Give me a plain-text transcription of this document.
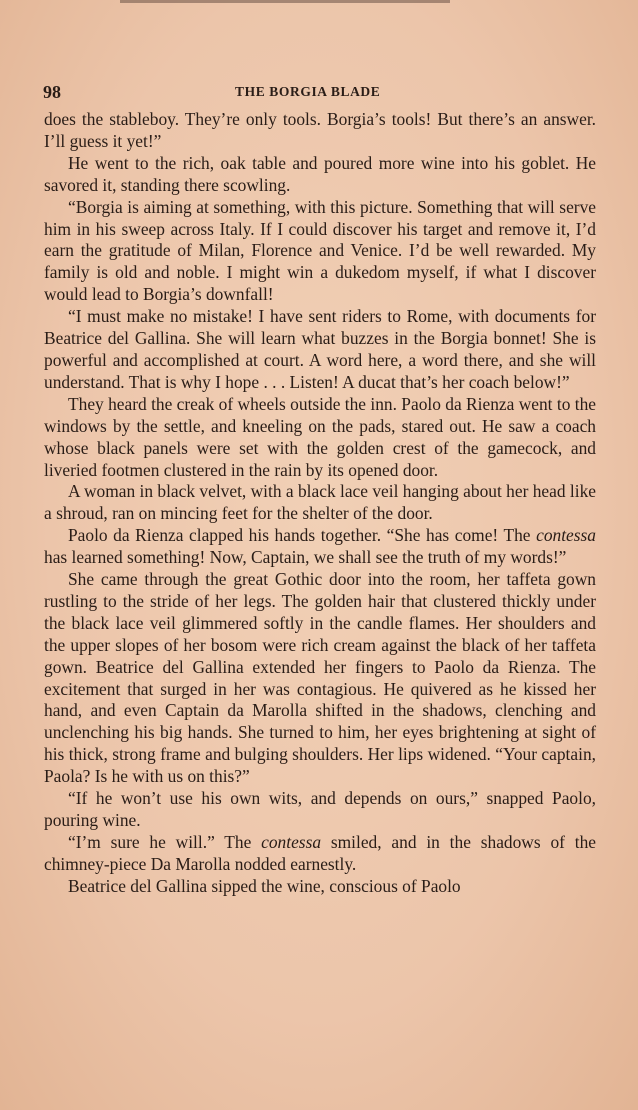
98	THE BORGIA BLADE

does the stableboy. They’re only tools. Borgia’s tools! But there’s an answer. I’ll guess it yet!”

He went to the rich, oak table and poured more wine into his goblet. He savored it, standing there scowling.

“Borgia is aiming at something, with this picture. Something that will serve him in his sweep across Italy. If I could discover his target and remove it, I’d earn the gratitude of Milan, Florence and Venice. I’d be well rewarded. My family is old and noble. I might win a dukedom myself, if what I discover would lead to Borgia’s downfall!

“I must make no mistake! I have sent riders to Rome, with documents for Beatrice del Gallina. She will learn what buzzes in the Borgia bonnet! She is powerful and accomplished at court. A word here, a word there, and she will understand. That is why I hope . . . Listen! A ducat that’s her coach below!”

They heard the creak of wheels outside the inn. Paolo da Rienza went to the windows by the settle, and kneeling on the pads, stared out. He saw a coach whose black panels were set with the golden crest of the gamecock, and liveried footmen clustered in the rain by its opened door.

A woman in black velvet, with a black lace veil hanging about her head like a shroud, ran on mincing feet for the shelter of the door.

Paolo da Rienza clapped his hands together. “She has come! The contessa has learned something! Now, Captain, we shall see the truth of my words!”

She came through the great Gothic door into the room, her taffeta gown rustling to the stride of her legs. The golden hair that clustered thickly under the black lace veil glimmered softly in the candle flames. Her shoulders and the upper slopes of her bosom were rich cream against the black of her taffeta gown. Beatrice del Gallina extended her fingers to Paolo da Rienza. The excitement that surged in her was contagious. He quivered as he kissed her hand, and even Captain da Marolla shifted in the shadows, clenching and unclenching his big hands. She turned to him, her eyes brightening at sight of his thick, strong frame and bulging shoulders. Her lips widened. “Your captain, Paola? Is he with us on this?”

“If he won’t use his own wits, and depends on ours,” snapped Paolo, pouring wine.

“I’m sure he will.” The contessa smiled, and in the shadows of the chimney-piece Da Marolla nodded earnestly.

Beatrice del Gallina sipped the wine, conscious of Paolo
